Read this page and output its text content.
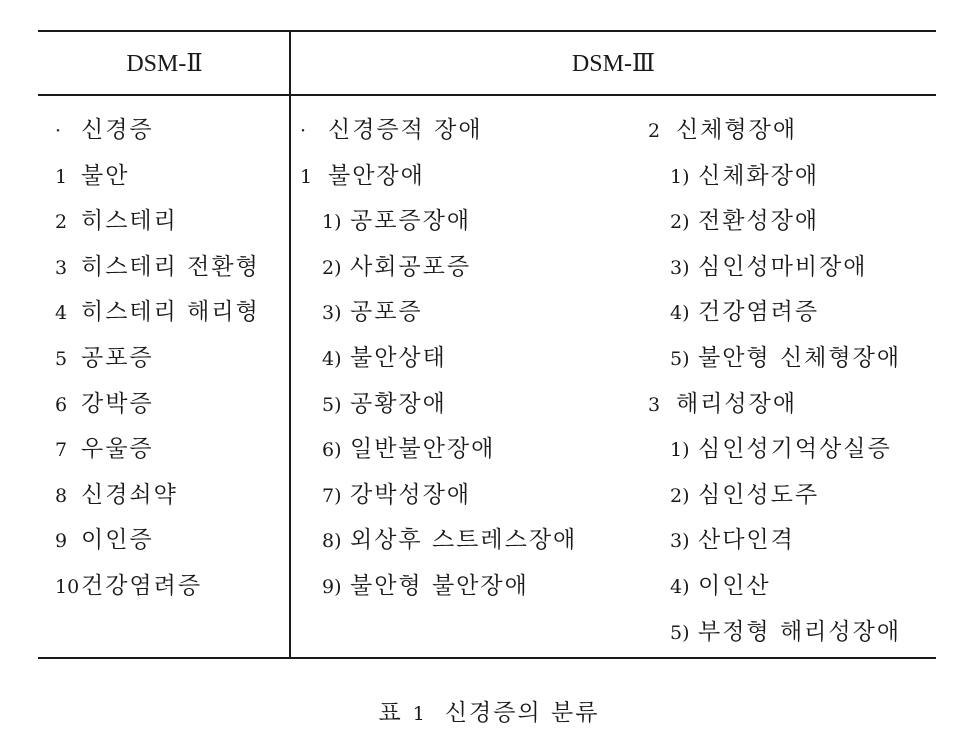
DSM-Ⅱ	DSM-Ⅲ
· 신경증
1 불안
2 히스테리
3 히스테리 전환형
4 히스테리 해리형
5 공포증
6 강박증
7 우울증
8 신경쇠약
9 이인증
10건강염려증
· 신경증적 장애
1 불안장애
1) 공포증장애
2) 사회공포증
3) 공포증
4) 불안상태
5) 공황장애
6) 일반불안장애
7) 강박성장애
8) 외상후 스트레스장애
9) 불안형 불안장애
2 신체형장애
1) 신체화장애
2) 전환성장애
3) 심인성마비장애
4) 건강염려증
5) 불안형 신체형장애
3 해리성장애
1) 심인성기억상실증
2) 심인성도주
3) 산다인격
4) 이인산
5) 부정형 해리성장애
표 1 신경증의 분류
